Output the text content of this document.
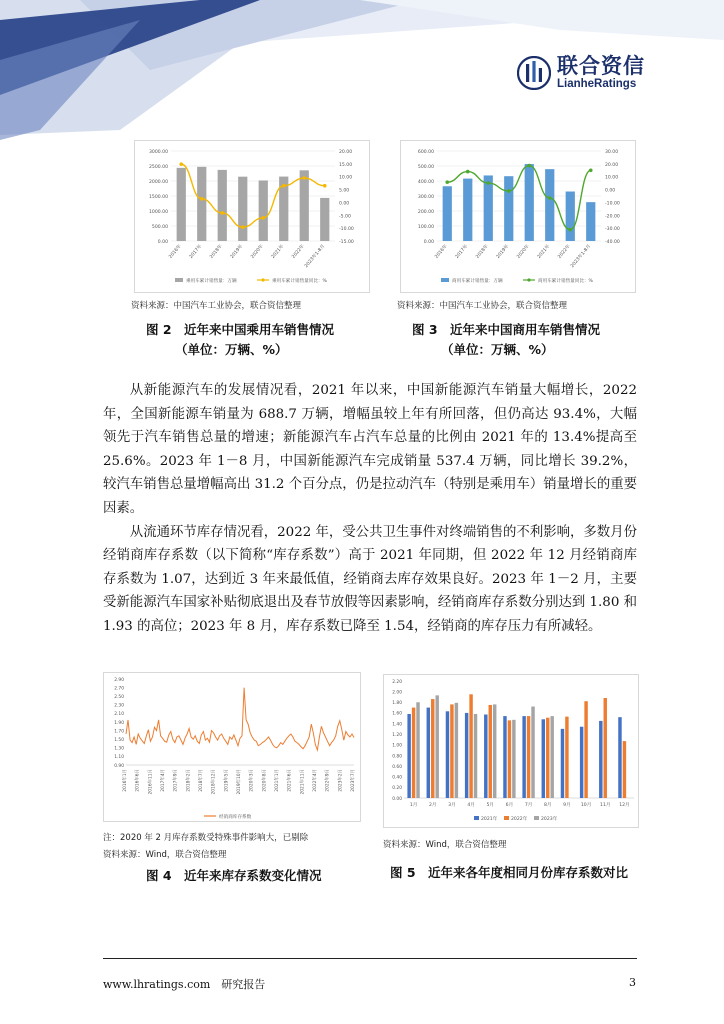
联合资信
LianheRatings
3000.00
2500.00
2000.00
1500.00
1000.00
500.00
0.00
20.00
15.00
10.00
5.00
0.00
-5.00
-10.00
-15.00
2016年	2017年	2018年	2019年	2020年	2021年	2022年
2023年1-8月
乘用车累计销售量：万辆	乘用车累计销售量同比：%
资料来源：中国汽车工业协会，联合资信整理
图 2　近年来中国乘用车销售情况
（单位：万辆、%）
600.00
500.00
400.00
300.00
200.00
100.00
0.00
30.00
20.00
10.00
0.00
-10.00
-20.00
-30.00
-40.00
2016年	2017年	2018年	2019年	2020年	2021年	2022年
2023年1-8月
商用车累计销售量：万辆	商用车累计销售量同比：%
资料来源：中国汽车工业协会，联合资信整理
图 3　近年来中国商用车销售情况
（单位：万辆、%）

从新能源汽车的发展情况看，2021 年以来，中国新能源汽车销量大幅增长，2022 年，全国新能源车销量为 688.7 万辆，增幅虽较上年有所回落，但仍高达 93.4%，大幅领先于汽车销售总量的增速；新能源汽车占汽车总量的比例由 2021 年的 13.4%提高至 25.6%。2023 年 1－8 月，中国新能源汽车完成销量 537.4 万辆，同比增长 39.2%，较汽车销售总量增幅高出 31.2 个百分点，仍是拉动汽车（特别是乘用车）销量增长的重要因素。

从流通环节库存情况看，2022 年，受公共卫生事件对终端销售的不利影响，多数月份经销商库存系数（以下简称“库存系数”）高于 2021 年同期，但 2022 年 12 月经销商库存系数为 1.07，达到近 3 年来最低值，经销商去库存效果良好。2023 年 1－2 月，主要受新能源汽车国家补贴彻底退出及春节放假等因素影响，经销商库存系数分别达到 1.80 和 1.93 的高位；2023 年 8 月，库存系数已降至 1.54，经销商的库存压力有所减轻。

2.90
2.70
2.50
2.30
2.10
1.90
1.70
1.50
1.30
1.10
0.90
2016年1月	2016年6月	2016年11月	2017年4月	2017年9月	2018年2月	2018年7月	2018年12月	2019年5月	2019年10月	2020年3月	2020年8月	2021年1月	2021年6月	2021年11月	2022年4月	2022年9月	2023年2月	2023年7月
经销商库存系数
注：2020 年 2 月库存系数受特殊事件影响大，已剔除
资料来源：Wind，联合资信整理
图 4　近年来库存系数变化情况
2.20
2.00
1.80
1.60
1.40
1.20
1.00
0.80
0.60
0.40
0.20
0.00
1月	2月	3月	4月	5月	6月	7月	8月	9月 10月 11月 12月
2021年	2022年	2023年
资料来源：Wind，联合资信整理
图 5　近年来各年度相同月份库存系数对比
www.lhratings.com　研究报告	3
